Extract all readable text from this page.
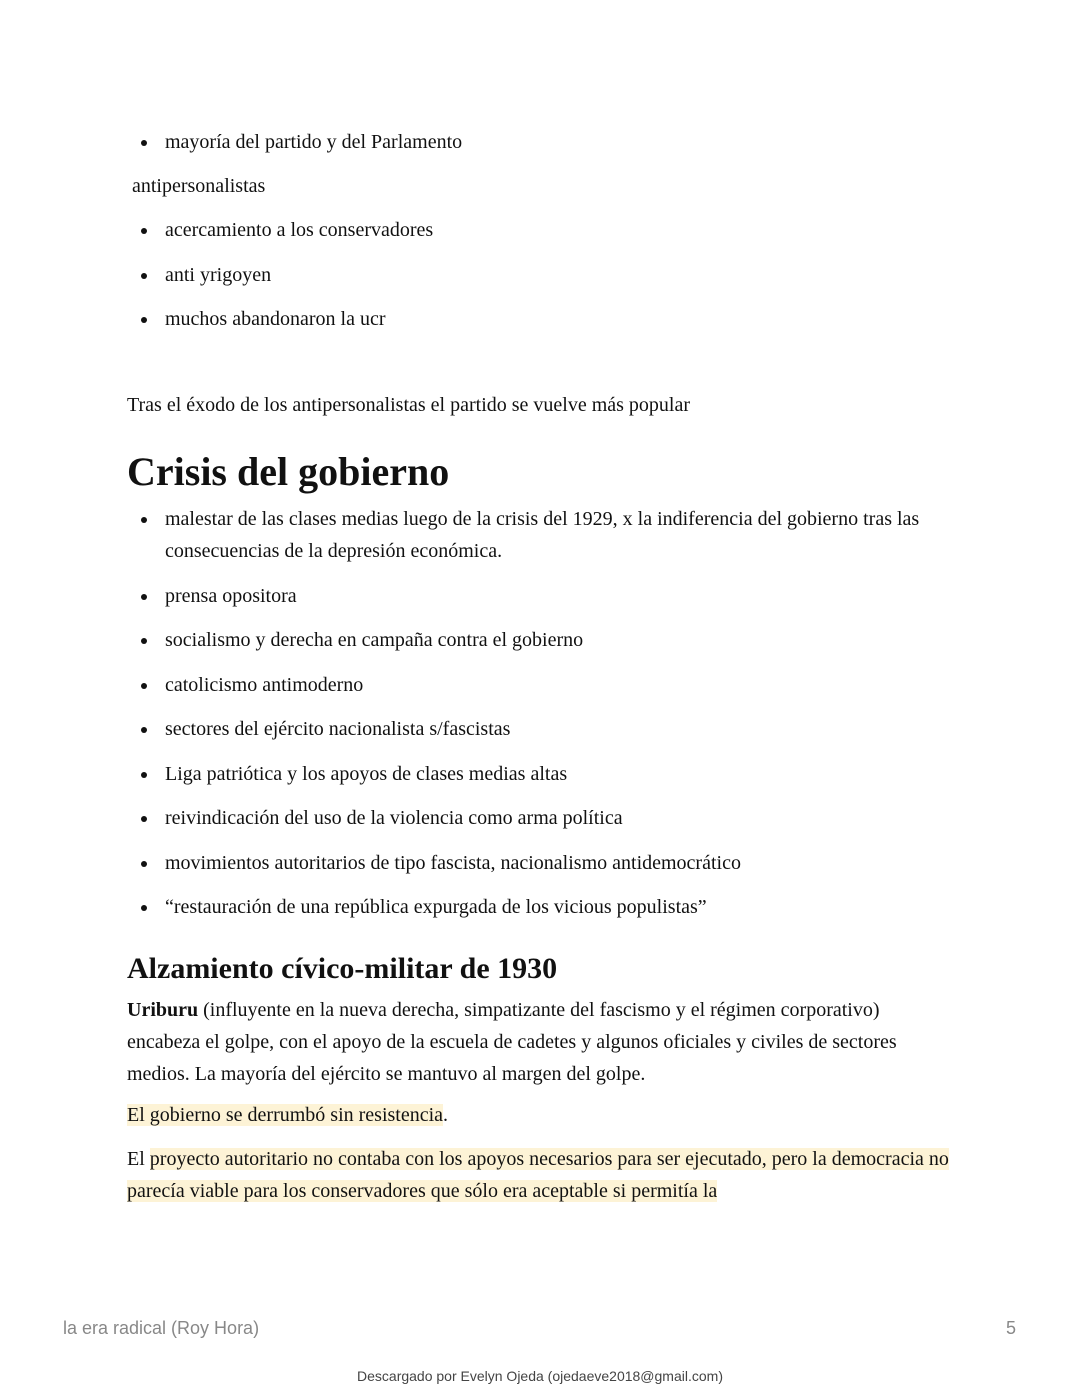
mayoría del partido y del Parlamento

antipersonalistas

acercamiento a los conservadores
anti yrigoyen
muchos abandonaron la ucr

Tras el éxodo de los antipersonalistas el partido se vuelve más popular

Crisis del gobierno
malestar de las clases medias luego de la crisis del 1929, x la indiferencia del gobierno tras las consecuencias de la depresión económica.
prensa opositora
socialismo y derecha en campaña contra el gobierno
catolicismo antimoderno
sectores del ejército nacionalista s/fascistas
Liga patriótica y los apoyos de clases medias altas
reivindicación del uso de la violencia como arma política
movimientos autoritarios de tipo fascista, nacionalismo antidemocrático
“restauración de una república expurgada de los vicious populistas”
Alzamiento cívico-militar de 1930

Uriburu (influyente en la nueva derecha, simpatizante del fascismo y el régimen corporativo) encabeza el golpe, con el apoyo de la escuela de cadetes y algunos oficiales y civiles de sectores medios. La mayoría del ejército se mantuvo al margen del golpe.

El gobierno se derrumbó sin resistencia.

El proyecto autoritario no contaba con los apoyos necesarios para ser ejecutado, pero la democracia no parecía viable para los conservadores que sólo era aceptable si permitía la

la era radical (Roy Hora)	5
Descargado por Evelyn Ojeda (ojedaeve2018@gmail.com)
